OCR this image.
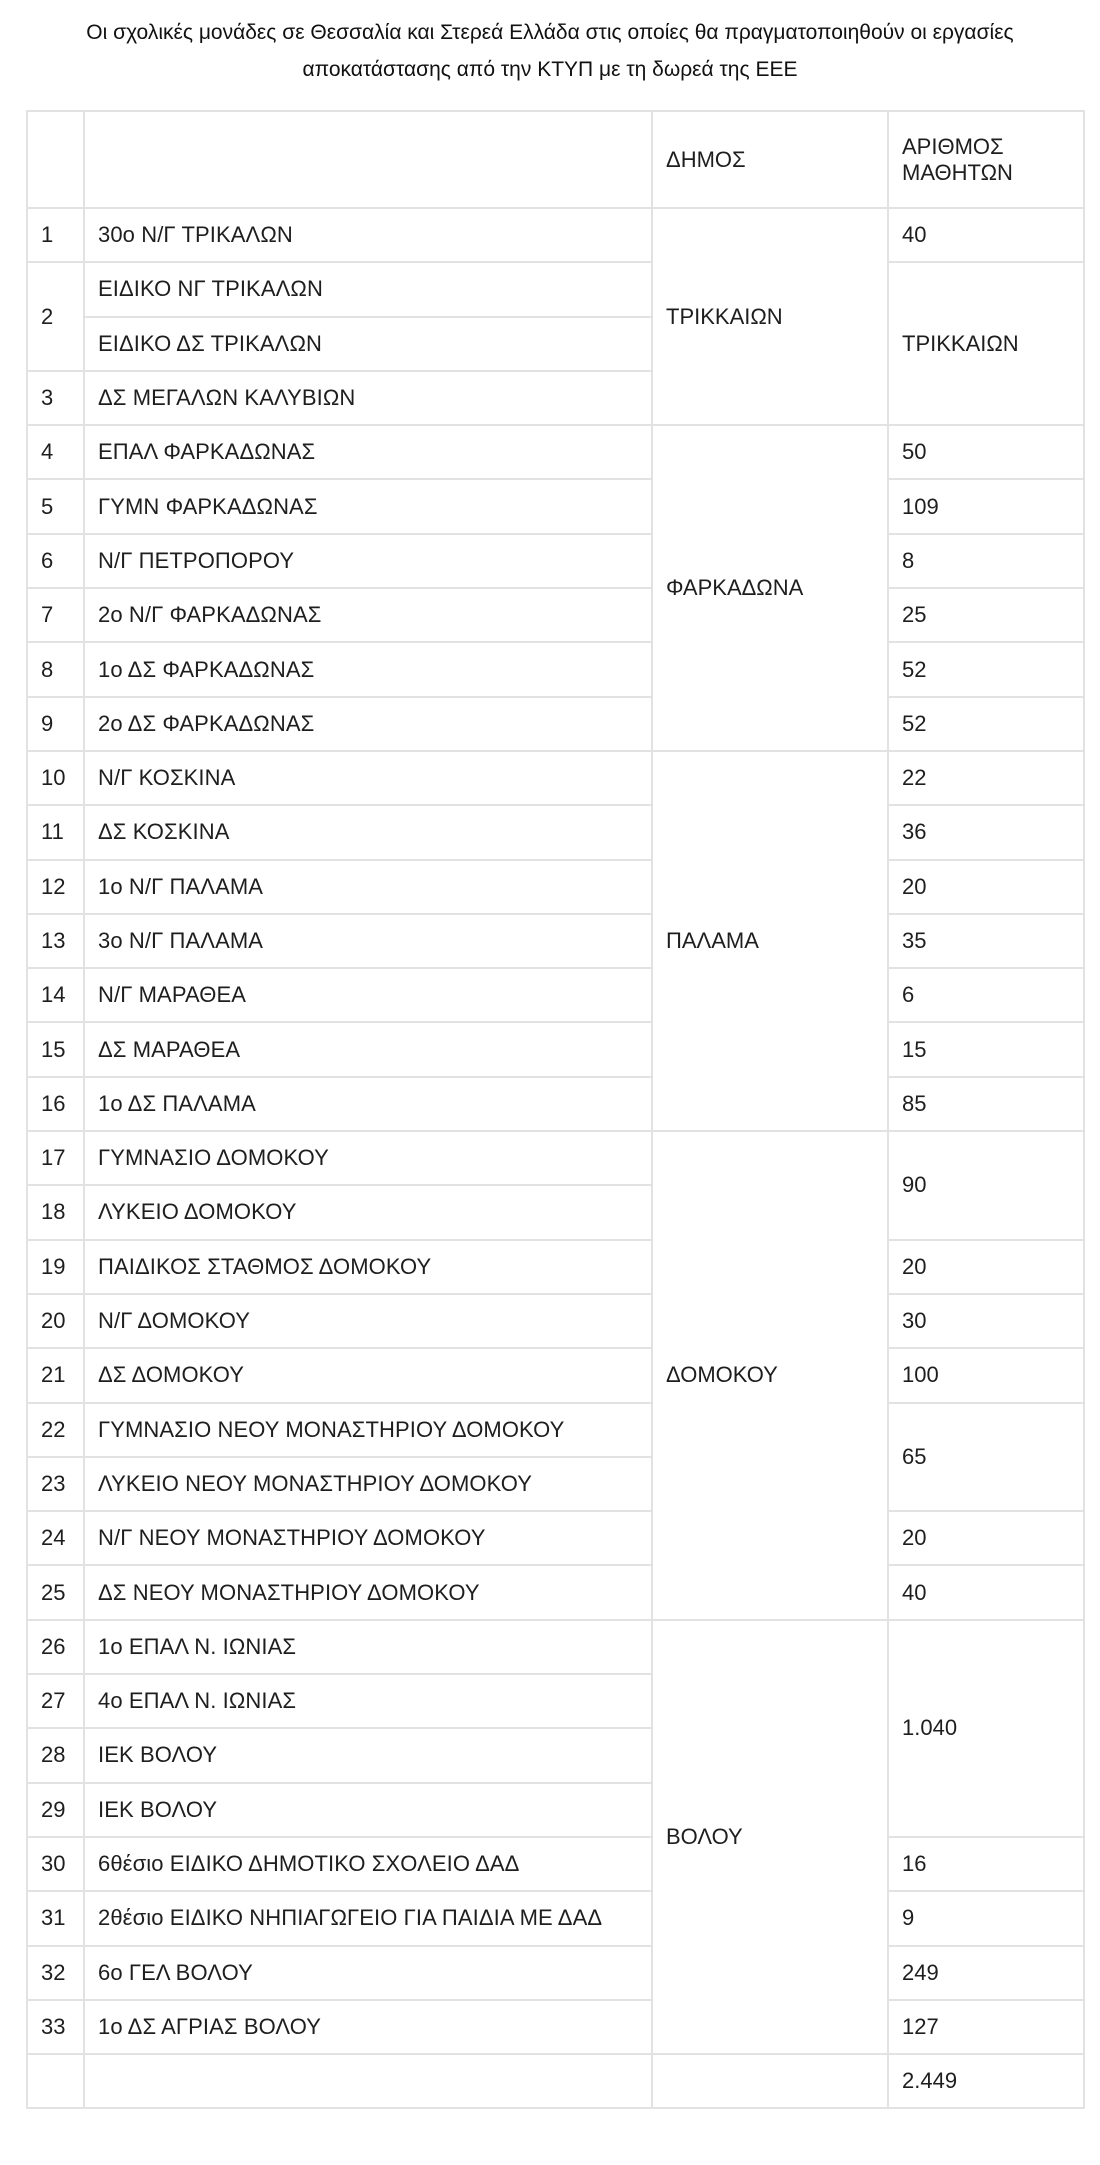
Οι σχολικές μονάδες σε Θεσσαλία και Στερεά Ελλάδα στις οποίες θα πραγματοποιηθούν οι εργασίες αποκατάστασης από την ΚΤΥΠ με τη δωρεά της ΕΕΕ
		ΔΗΜΟΣ	ΑΡΙΘΜΟΣ
ΜΑΘΗΤΩΝ	
1	30ο Ν/Γ ΤΡΙΚΑΛΩΝ	ΤΡΙΚΚΑΙΩΝ	40	
2	ΕΙΔΙΚΟ ΝΓ ΤΡΙΚΑΛΩΝ		ΤΡΙΚΚΑΙΩΝ	
	ΕΙΔΙΚΟ ΔΣ ΤΡΙΚΑΛΩΝ	
3	ΔΣ ΜΕΓΑΛΩΝ ΚΑΛΥΒΙΩΝ	
4	ΕΠΑΛ ΦΑΡΚΑΔΩΝΑΣ	ΦΑΡΚΑΔΩΝΑ	50	
5	ΓΥΜΝ ΦΑΡΚΑΔΩΝΑΣ		109	
6	Ν/Γ ΠΕΤΡΟΠΟΡΟΥ		8	
7	2ο Ν/Γ ΦΑΡΚΑΔΩΝΑΣ		25	
8	1ο ΔΣ ΦΑΡΚΑΔΩΝΑΣ		52	
9	2ο ΔΣ ΦΑΡΚΑΔΩΝΑΣ		52	
10	Ν/Γ ΚΟΣΚΙΝΑ	ΠΑΛΑΜΑ	22	
11	ΔΣ ΚΟΣΚΙΝΑ		36	
12	1ο Ν/Γ ΠΑΛΑΜΑ		20	
13	3ο Ν/Γ ΠΑΛΑΜΑ		35	
14	Ν/Γ ΜΑΡΑΘΕΑ		6	
15	ΔΣ ΜΑΡΑΘΕΑ		15	
16	1ο ΔΣ ΠΑΛΑΜΑ		85	
17	ΓΥΜΝΑΣΙΟ ΔΟΜΟΚΟΥ	ΔΟΜΟΚΟΥ	90	
18	ΛΥΚΕΙΟ ΔΟΜΟΚΟΥ			
19	ΠΑΙΔΙΚΟΣ ΣΤΑΘΜΟΣ ΔΟΜΟΚΟΥ		20	
20	Ν/Γ ΔΟΜΟΚΟΥ		30	
21	ΔΣ ΔΟΜΟΚΟΥ		100	
22	ΓΥΜΝΑΣΙΟ ΝΕΟΥ ΜΟΝΑΣΤΗΡΙΟΥ ΔΟΜΟΚΟΥ		65	
23	ΛΥΚΕΙΟ ΝΕΟΥ ΜΟΝΑΣΤΗΡΙΟΥ ΔΟΜΟΚΟΥ			
24	Ν/Γ ΝΕΟΥ ΜΟΝΑΣΤΗΡΙΟΥ ΔΟΜΟΚΟΥ		20	
25	ΔΣ ΝΕΟΥ ΜΟΝΑΣΤΗΡΙΟΥ ΔΟΜΟΚΟΥ		40	
26	1ο ΕΠΑΛ Ν. ΙΩΝΙΑΣ	ΒΟΛΟΥ	1.040	
27	4ο ΕΠΑΛ Ν. ΙΩΝΙΑΣ			
28	ΙΕΚ ΒΟΛΟΥ			
29	ΙΕΚ ΒΟΛΟΥ			
30	6θέσιο ΕΙΔΙΚΟ ΔΗΜΟΤΙΚΟ ΣΧΟΛΕΙΟ ΔΑΔ		16	
31	2θέσιο ΕΙΔΙΚΟ ΝΗΠΙΑΓΩΓΕΙΟ ΓΙΑ ΠΑΙΔΙΑ ΜΕ ΔΑΔ		9	
32	6ο ΓΕΛ ΒΟΛΟΥ		249	
33	1ο ΔΣ ΑΓΡΙΑΣ ΒΟΛΟΥ		127	
			2.449	
